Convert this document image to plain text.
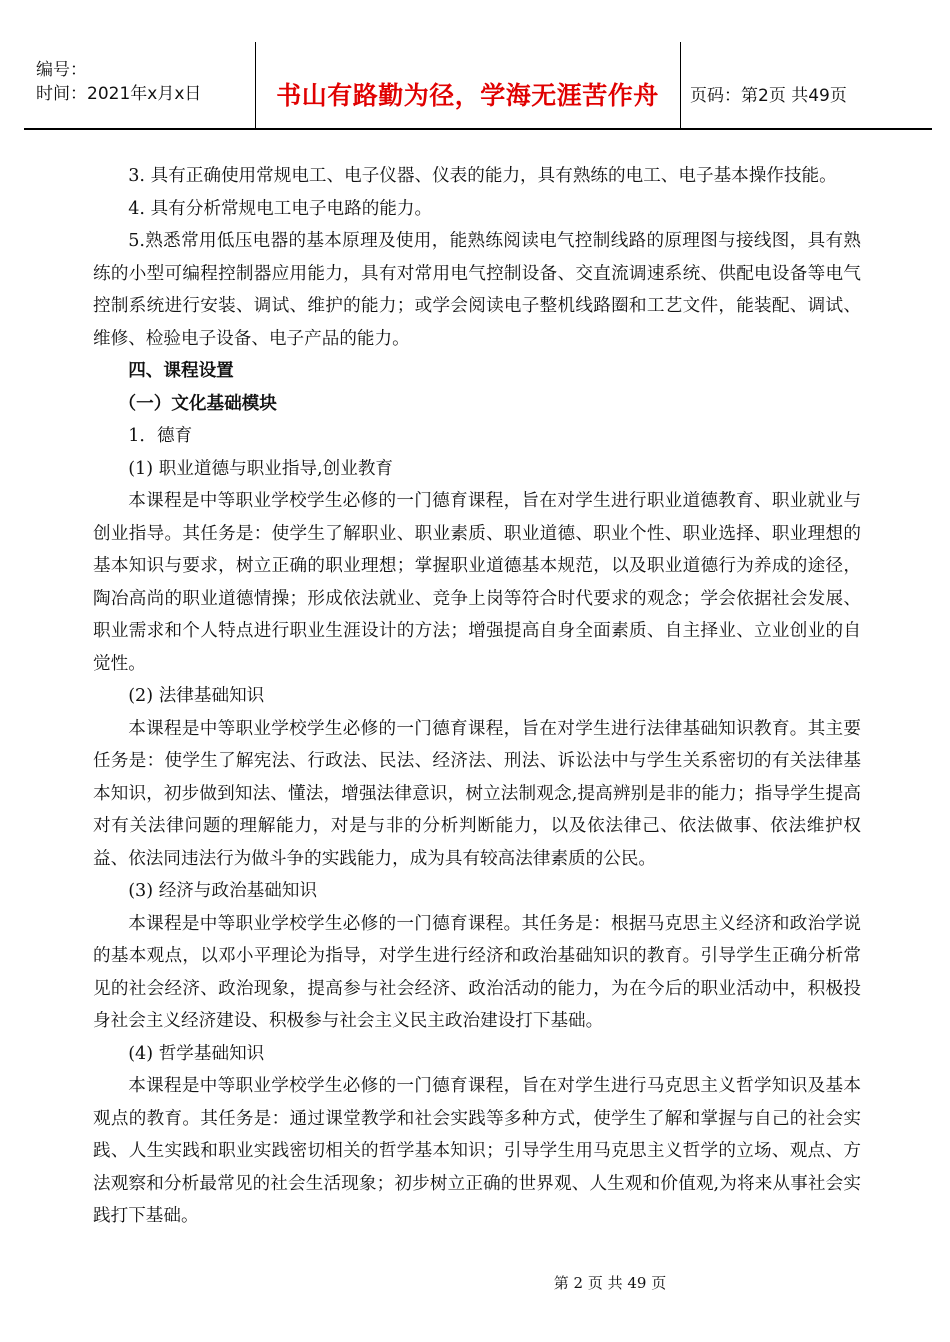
编号：
时间：2021年x月x日	书山有路勤为径，学海无涯苦作舟	页码：第2页 共49页

3. 具有正确使用常规电工、电子仪器、仪表的能力，具有熟练的电工、电子基本操作技能。

4. 具有分析常规电工电子电路的能力。

5.熟悉常用低压电器的基本原理及使用，能熟练阅读电气控制线路的原理图与接线图，具有熟练的小型可编程控制器应用能力，具有对常用电气控制设备、交直流调速系统、供配电设备等电气控制系统进行安装、调试、维护的能力；或学会阅读电子整机线路圈和工艺文件，能装配、调试、维修、检验电子设备、电子产品的能力。

四、课程设置

（一）文化基础模块

1．德育

(1) 职业道德与职业指导,创业教育

本课程是中等职业学校学生必修的一门德育课程，旨在对学生进行职业道德教育、职业就业与创业指导。其任务是：使学生了解职业、职业素质、职业道德、职业个性、职业选择、职业理想的基本知识与要求，树立正确的职业理想；掌握职业道德基本规范，以及职业道德行为养成的途径，陶冶高尚的职业道德情操；形成依法就业、竞争上岗等符合时代要求的观念；学会依据社会发展、职业需求和个人特点进行职业生涯设计的方法；增强提高自身全面素质、自主择业、立业创业的自觉性。

(2) 法律基础知识

本课程是中等职业学校学生必修的一门德育课程，旨在对学生进行法律基础知识教育。其主要任务是：使学生了解宪法、行政法、民法、经济法、刑法、诉讼法中与学生关系密切的有关法律基本知识，初步做到知法、懂法，增强法律意识，树立法制观念,提高辨别是非的能力；指导学生提高对有关法律问题的理解能力，对是与非的分析判断能力，以及依法律己、依法做事、依法维护权益、依法同违法行为做斗争的实践能力，成为具有较高法律素质的公民。

(3) 经济与政治基础知识

本课程是中等职业学校学生必修的一门德育课程。其任务是：根据马克思主义经济和政治学说的基本观点，以邓小平理论为指导，对学生进行经济和政治基础知识的教育。引导学生正确分析常见的社会经济、政治现象，提高参与社会经济、政治活动的能力，为在今后的职业活动中，积极投身社会主义经济建设、积极参与社会主义民主政治建设打下基础。

(4) 哲学基础知识

本课程是中等职业学校学生必修的一门德育课程，旨在对学生进行马克思主义哲学知识及基本观点的教育。其任务是：通过课堂教学和社会实践等多种方式，使学生了解和掌握与自己的社会实践、人生实践和职业实践密切相关的哲学基本知识；引导学生用马克思主义哲学的立场、观点、方法观察和分析最常见的社会生活现象；初步树立正确的世界观、人生观和价值观,为将来从事社会实践打下基础。

第 2 页 共 49 页
